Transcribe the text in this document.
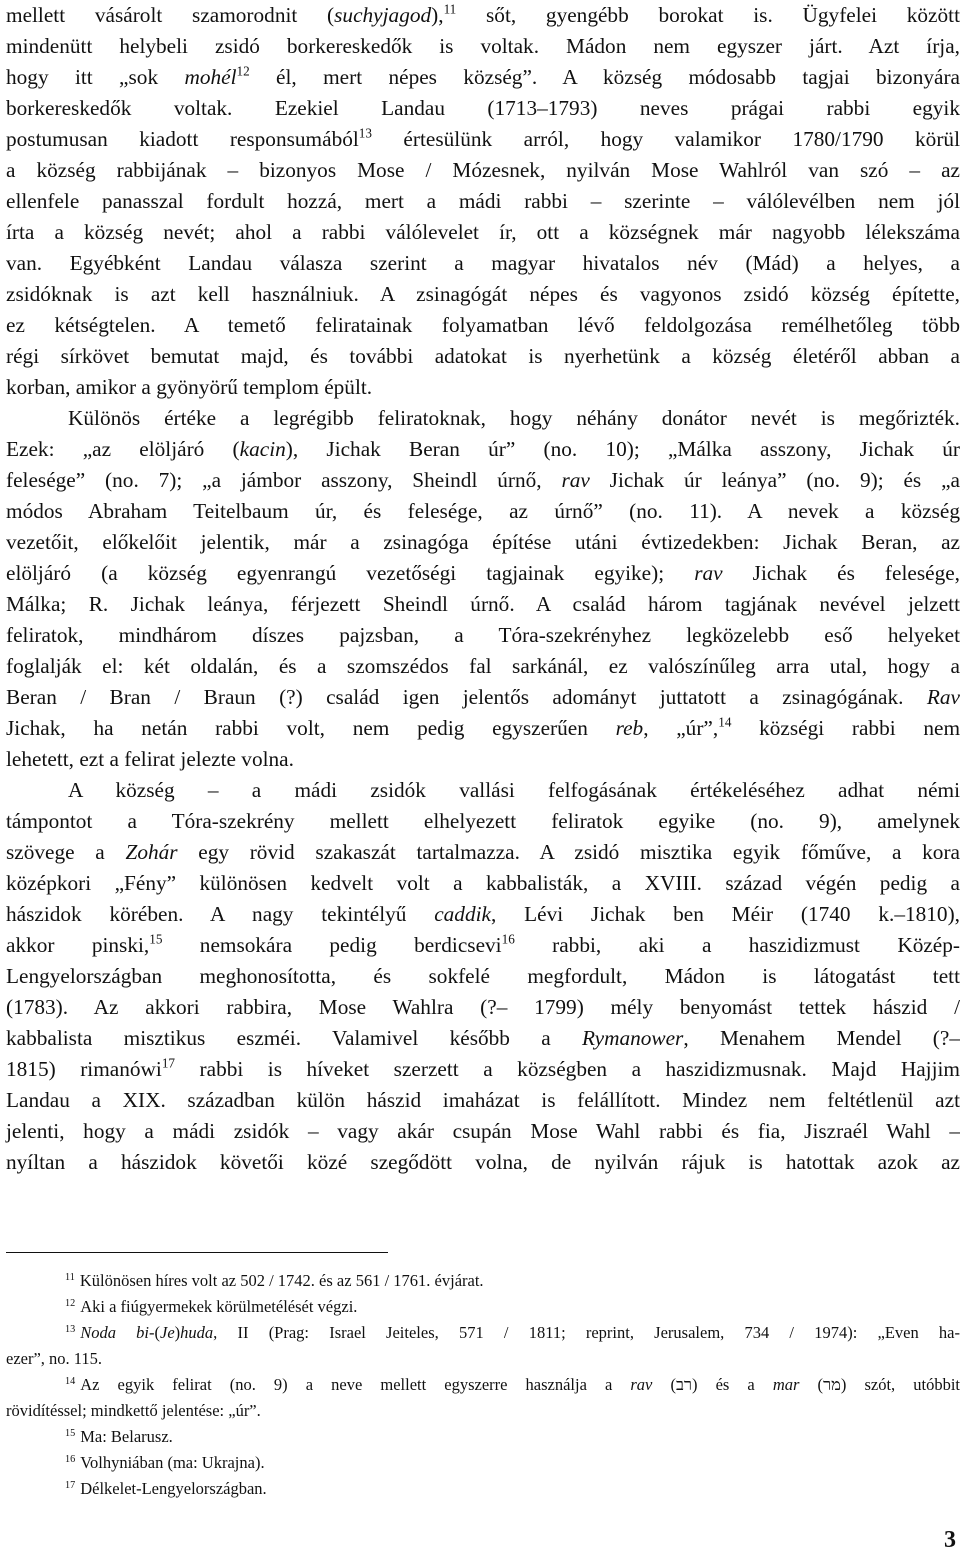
mellett vásárolt szamorodnit (suchyjagod),$^{11}$ sőt, gyengébb borokat is. Ügyfelei között
mindenütt helybeli zsidó borkereskedők is voltak. Mádon nem egyszer járt. Azt írja,
hogy itt „sok mohél$^{12}$ él, mert népes község”. A község módosabb tagjai bizonyára
borkereskedők voltak. Ezekiel Landau (1713–1793) neves prágai rabbi egyik
postumusan kiadott responsumából$^{13}$ értesülünk arról, hogy valamikor 1780/1790 körül
a község rabbijának – bizonyos Mose / Mózesnek, nyilván Mose Wahlról van szó – az
ellenfele panasszal fordult hozzá, mert a mádi rabbi – szerinte – válólevélben nem jól
írta a község nevét; ahol a rabbi válólevelet ír, ott a községnek már nagyobb lélekszáma
van. Egyébként Landau válasza szerint a magyar hivatalos név (Mád) a helyes, a
zsidóknak is azt kell használniuk. A zsinagógát népes és vagyonos zsidó község építette,
ez kétségtelen. A temető feliratainak folyamatban lévő feldolgozása remélhetőleg több
régi sírkövet bemutat majd, és további adatokat is nyerhetünk a község életéről abban a
korban, amikor a gyönyörű templom épült.
Különös értéke a legrégibb feliratoknak, hogy néhány donátor nevét is megőrizték.
Ezek: „az elöljáró (kacin), Jichak Beran úr” (no. 10); „Málka asszony, Jichak úr
felesége” (no. 7); „a jámbor asszony, Sheindl úrnő, rav Jichak úr leánya” (no. 9); és „a
módos Abraham Teitelbaum úr, és felesége, az úrnő” (no. 11). A nevek a község
vezetőit, előkelőit jelentik, már a zsinagóga építése utáni évtizedekben: Jichak Beran, az
elöljáró (a község egyenrangú vezetőségi tagjainak egyike); rav Jichak és felesége,
Málka; R. Jichak leánya, férjezett Sheindl úrnő. A család három tagjának nevével jelzett
feliratok, mindhárom díszes pajzsban, a Tóra-szekrényhez legközelebb eső helyeket
foglalják el: két oldalán, és a szomszédos fal sarkánál, ez valószínűleg arra utal, hogy a
Beran / Bran / Braun (?) család igen jelentős adományt juttatott a zsinagógának. Rav
Jichak, ha netán rabbi volt, nem pedig egyszerűen reb, „úr”,$^{14}$ községi rabbi nem
lehetett, ezt a felirat jelezte volna.
A község – a mádi zsidók vallási felfogásának értékeléséhez adhat némi
támpontot a Tóra-szekrény mellett elhelyezett feliratok egyike (no. 9), amelynek
szövege a Zohár egy rövid szakaszát tartalmazza. A zsidó misztika egyik főműve, a kora
középkori „Fény” különösen kedvelt volt a kabbalisták, a XVIII. század végén pedig a
hászidok körében. A nagy tekintélyű caddik, Lévi Jichak ben Méir (1740 k.–1810),
akkor pinski,$^{15}$ nemsokára pedig berdicsevi$^{16}$ rabbi, aki a haszidizmust Közép-
Lengyelországban meghonosította, és sokfelé megfordult, Mádon is látogatást tett
(1783). Az akkori rabbira, Mose Wahlra (?– 1799) mély benyomást tettek hászid /
kabbalista misztikus eszméi. Valamivel később a Rymanower, Menahem Mendel (?–
1815) rimanówi$^{17}$ rabbi is híveket szerzett a községben a haszidizmusnak. Majd Hajjim
Landau a XIX. században külön hászid imaházat is felállított. Mindez nem feltétlenül azt
jelenti, hogy a mádi zsidók – vagy akár csupán Mose Wahl rabbi és fia, Jiszraél Wahl –
nyíltan a hászidok követői közé szegődött volna, de nyilván rájuk is hatottak azok az
$^{11}$ Különösen híres volt az 502 / 1742. és az 561 / 1761. évjárat.
$^{12}$ Aki a fiúgyermekek körülmetélését végzi.
$^{13}$ Noda bi-(Je)huda, II (Prag: Israel Jeiteles, 571 / 1811; reprint, Jerusalem, 734 / 1974): „Even ha-
ezer”, no. 115.
$^{14}$ Az egyik felirat (no. 9) a neve mellett egyszerre használja a rav (רב) és a mar (מר) szót, utóbbit
rövidítéssel; mindkettő jelentése: „úr”.
$^{15}$ Ma: Belarusz.
$^{16}$ Volhyniában (ma: Ukrajna).
$^{17}$ Délkelet-Lengyelországban.
3
